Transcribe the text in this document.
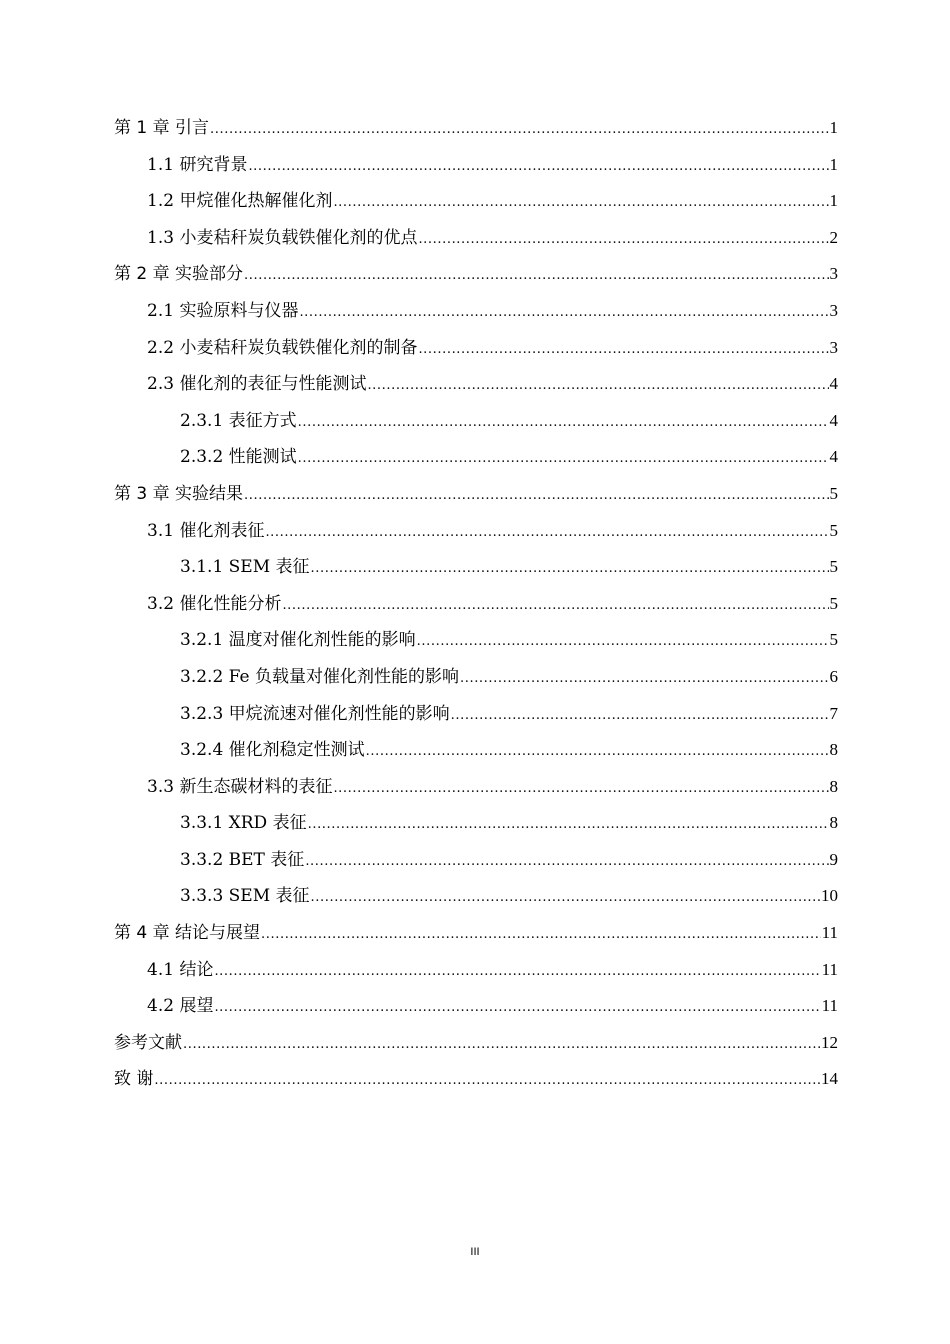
第 1 章 引言 .....	1
1.1 研究背景 .....	1
1.2 甲烷催化热解催化剂 .....	1
1.3 小麦秸秆炭负载铁催化剂的优点 .....	2
第 2 章 实验部分 .....	3
2.1 实验原料与仪器 .....	3
2.2 小麦秸秆炭负载铁催化剂的制备 .....	3
2.3 催化剂的表征与性能测试 .....	4
2.3.1 表征方式 .....	4
2.3.2 性能测试 .....	4
第 3 章 实验结果 .....	5
3.1 催化剂表征 .....	5
3.1.1 SEM 表征 .....	5
3.2 催化性能分析 .....	5
3.2.1 温度对催化剂性能的影响 .....	5
3.2.2 Fe 负载量对催化剂性能的影响 .....	6
3.2.3 甲烷流速对催化剂性能的影响 .....	7
3.2.4 催化剂稳定性测试 .....	8
3.3 新生态碳材料的表征 .....	8
3.3.1 XRD 表征 .....	8
3.3.2 BET 表征 .....	9
3.3.3 SEM 表征 .....	10
第 4 章 结论与展望 .....	11
4.1 结论 .....	11
4.2 展望 .....	11
参考文献 .....	12
致 谢 .....	14
III
